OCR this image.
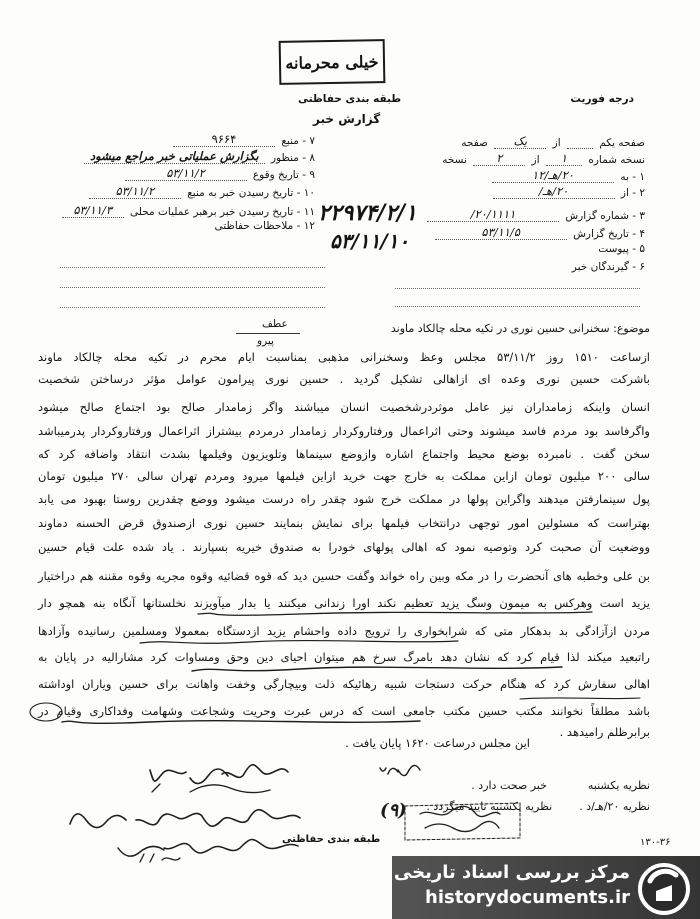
خیلی محرمانه
طبقه بندی حفاظتی	درجه فوریت
گزارش خبر
صفحه یکم  از یک صفحه
نسخه شماره ۱ از ۲ نسخه
۱ - به ۲۰/هـ/۱۲
۲ - از ۲۰/هـ/
۳ - شماره گزارش ۲۰/۱۱۱۱/
۴ - تاریخ گزارش ۵۳/۱۱/۵
۵ - پیوست
۶ - گیرندگان خبر
۷ - منبع ۹۶۶۴
۸ - منظور بگزارش عملیاتی خبر مراجع میشود
۹ - تاریخ وقوع ۵۳/۱۱/۲
۱۰ - تاریخ رسیدن خبر به منبع ۵۳/۱۱/۲
۱۱ - تاریخ رسیدن خبر برهبر عملیات محلی ۵۳/۱۱/۳
۱۲ - ملاحظات حفاظتی ۲۲۹۷۴/۲/۱
۵۳/۱۱/۱۰
موضوع: سخنرانی حسین نوری در تکیه محله چالکاد ماوند
عطف
پیرو
ازساعت ۱۵۱۰ روز ۵۳/۱۱/۲ مجلس وعظ وسخنرانی مذهبی بمناسبت ایام محرم در تکیه محله چالکاد ماوند
باشرکت حسین نوری وعده ای ازاهالی تشکیل گردید . حسین نوری پیرامون عوامل مؤثر درساختن شخصیت
انسان واینکه زمامداران نیز عامل موثردرشخصیت انسان میباشند واگر زمامدار صالح بود اجتماع صالح میشود
واگرفاسد بود مردم فاسد میشوند وحتی اثراعمال ورفتاروکردار زمامدار درمردم بیشتراز اثراعمال ورفتاروکردار پدرمیباشد
سخن گفت . نامبرده بوضع محیط واجتماع اشاره وازوضع سینماها وتلویزیون وفیلمها بشدت انتقاد واضافه کرد که
سالی ۲۰۰ میلیون تومان ازاین مملکت به خارج جهت خرید ازاین فیلمها میرود ومردم تهران سالی ۲۷۰ میلیون تومان
پول سینمارفتن میدهند واگراین پولها در مملکت خرج شود چقدر راه درست میشود ووضع چقدرین روستا بهبود می یابد
بهتراست که مسئولین امور توجهی درانتخاب فیلمها برای نمایش بنمایند حسین نوری ازصندوق قرض الحسنه دماوند
ووضعیت آن صحبت کرد وتوصیه نمود که اهالی پولهای خودرا به صندوق خیریه بسپارند . یاد شده علت قیام حسین
بن علی وخطبه های آنحضرت را در مکه وبین راه خواند وگفت حسین دید که قوه قضائیه وقوه مجریه وقوه مقننه هم دراختیار
یزید است وهرکس به میمون وسگ یزید تعظیم نکند اورا زندانی میکنند یا بدار میآویزند نخلستانها آنگاه بنه همچو دار
مردن ازآزادگی بد بدهکار متی که شرابخواری را ترویج داده واحشام یزید ازدستگاه بمعمولا ومسلمین رسانیده وآزادها
راتبعید میکند لذا قیام کرد که نشان دهد بامرگ سرخ هم میتوان احیای دین وحق ومساوات کرد مشارالیه در پایان به
اهالی سفارش کرد که هنگام حرکت دستجات شبیه رهائیکه ذلت وبیچارگی وخفت واهانت برای حسین ویاران اوداشته
باشد مطلقاً نخوانند مکتب حسین مکتب جامعی است که درس عبرت وحریت وشجاعت وشهامت وفداکاری وقیام در
برابرظلم رامیدهد .
این مجلس درساعت ۱۶۲۰ پایان یافت .
نظریه یکشنبه  خبر صحت دارد .
نظریه ۲۰/هـ/د .  نظریه یکشنبه تایید میگردد .
(۹)
طبقه بندی حفاظتی	۱۳۰-۳۶
مرکز بررسی اسناد تاریخی
historydocuments.ir
